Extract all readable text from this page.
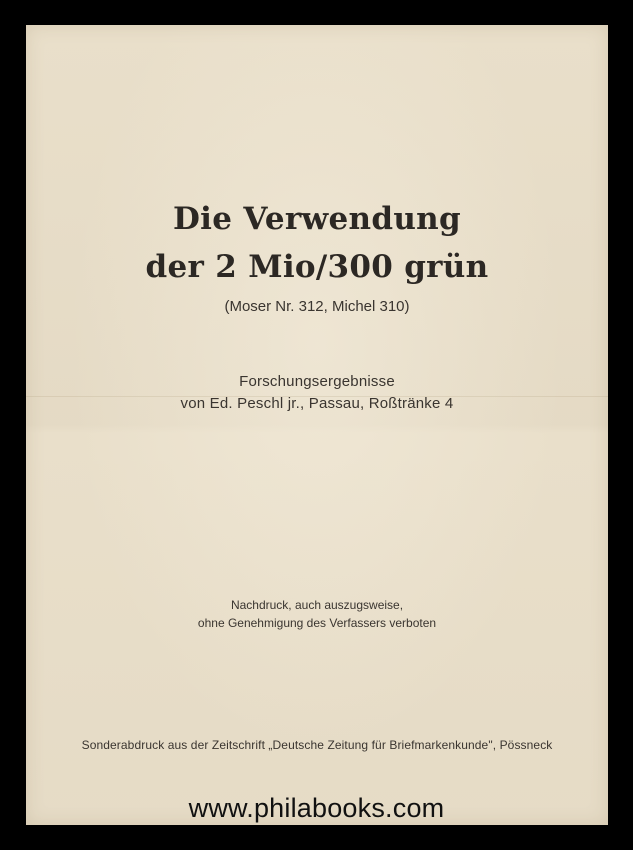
Die Verwendung
der 2 Mio/300 grün
(Moser Nr. 312, Michel 310)
Forschungsergebnisse
von Ed. Peschl jr., Passau, Roßtränke 4
Nachdruck, auch auszugsweise,
ohne Genehmigung des Verfassers verboten
Sonderabdruck aus der Zeitschrift „Deutsche Zeitung für Briefmarkenkunde", Pössneck
www.philabooks.com
